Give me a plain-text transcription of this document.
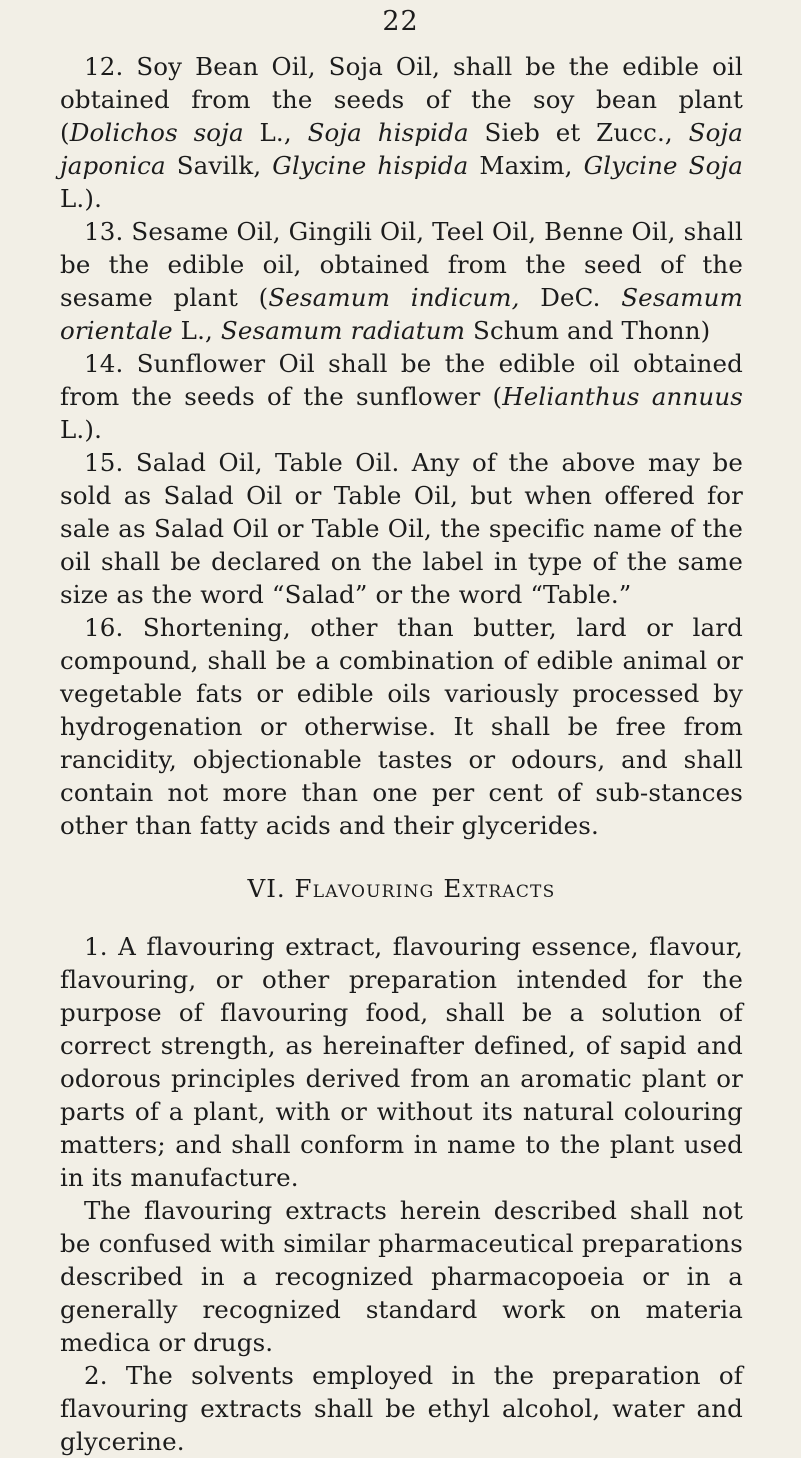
22

12. Soy Bean Oil, Soja Oil, shall be the edible oil obtained from the seeds of the soy bean plant (Dolichos soja L., Soja hispida Sieb et Zucc., Soja japonica Savilk, Glycine hispida Maxim, Glycine Soja L.).

13. Sesame Oil, Gingili Oil, Teel Oil, Benne Oil, shall be the edible oil, obtained from the seed of the sesame plant (Sesamum indicum, DeC. Sesamum orientale L., Sesamum radiatum Schum and Thonn)

14. Sunflower Oil shall be the edible oil obtained from the seeds of the sunflower (Helianthus annuus L.).

15. Salad Oil, Table Oil. Any of the above may be sold as Salad Oil or Table Oil, but when offered for sale as Salad Oil or Table Oil, the specific name of the oil shall be declared on the label in type of the same size as the word “Salad” or the word “Table.”

16. Shortening, other than butter, lard or lard compound, shall be a combination of edible animal or vegetable fats or edible oils variously processed by hydrogenation or otherwise. It shall be free from rancidity, objectionable tastes or odours, and shall contain not more than one per cent of sub-stances other than fatty acids and their glycerides.

VI. Flavouring Extracts

1. A flavouring extract, flavouring essence, flavour, flavouring, or other preparation intended for the purpose of flavouring food, shall be a solution of correct strength, as hereinafter defined, of sapid and odorous principles derived from an aromatic plant or parts of a plant, with or without its natural colouring matters; and shall conform in name to the plant used in its manufacture.

The flavouring extracts herein described shall not be confused with similar pharmaceutical preparations described in a recognized pharmacopoeia or in a generally recognized standard work on materia medica or drugs.

2. The solvents employed in the preparation of flavouring extracts shall be ethyl alcohol, water and glycerine.
